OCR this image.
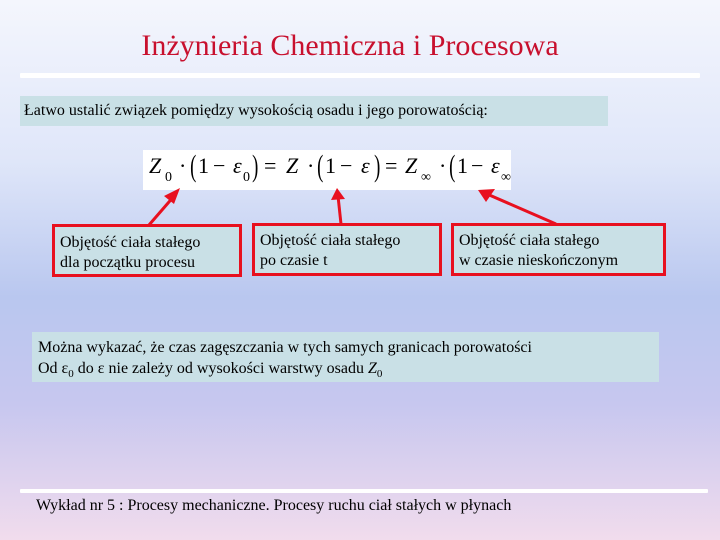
Inżynieria Chemiczna i Procesowa
Łatwo ustalić związek pomiędzy wysokością osadu i jego porowatością:
Z 0 · ( 1 − ε 0 ) = Z · ( 1 − ε ) = Z ∞ · ( 1 − ε ∞
Objętość ciała stałego
dla początku procesu
Objętość ciała stałego
po czasie t
Objętość ciała stałego
w czasie nieskończonym
Można wykazać, że czas zagęszczania w tych samych granicach porowatości
Od $\varepsilon_0$ do ε nie zależy od wysokości warstwy osadu $Z_0$
Wykład nr 5 : Procesy mechaniczne. Procesy ruchu ciał stałych w płynach
